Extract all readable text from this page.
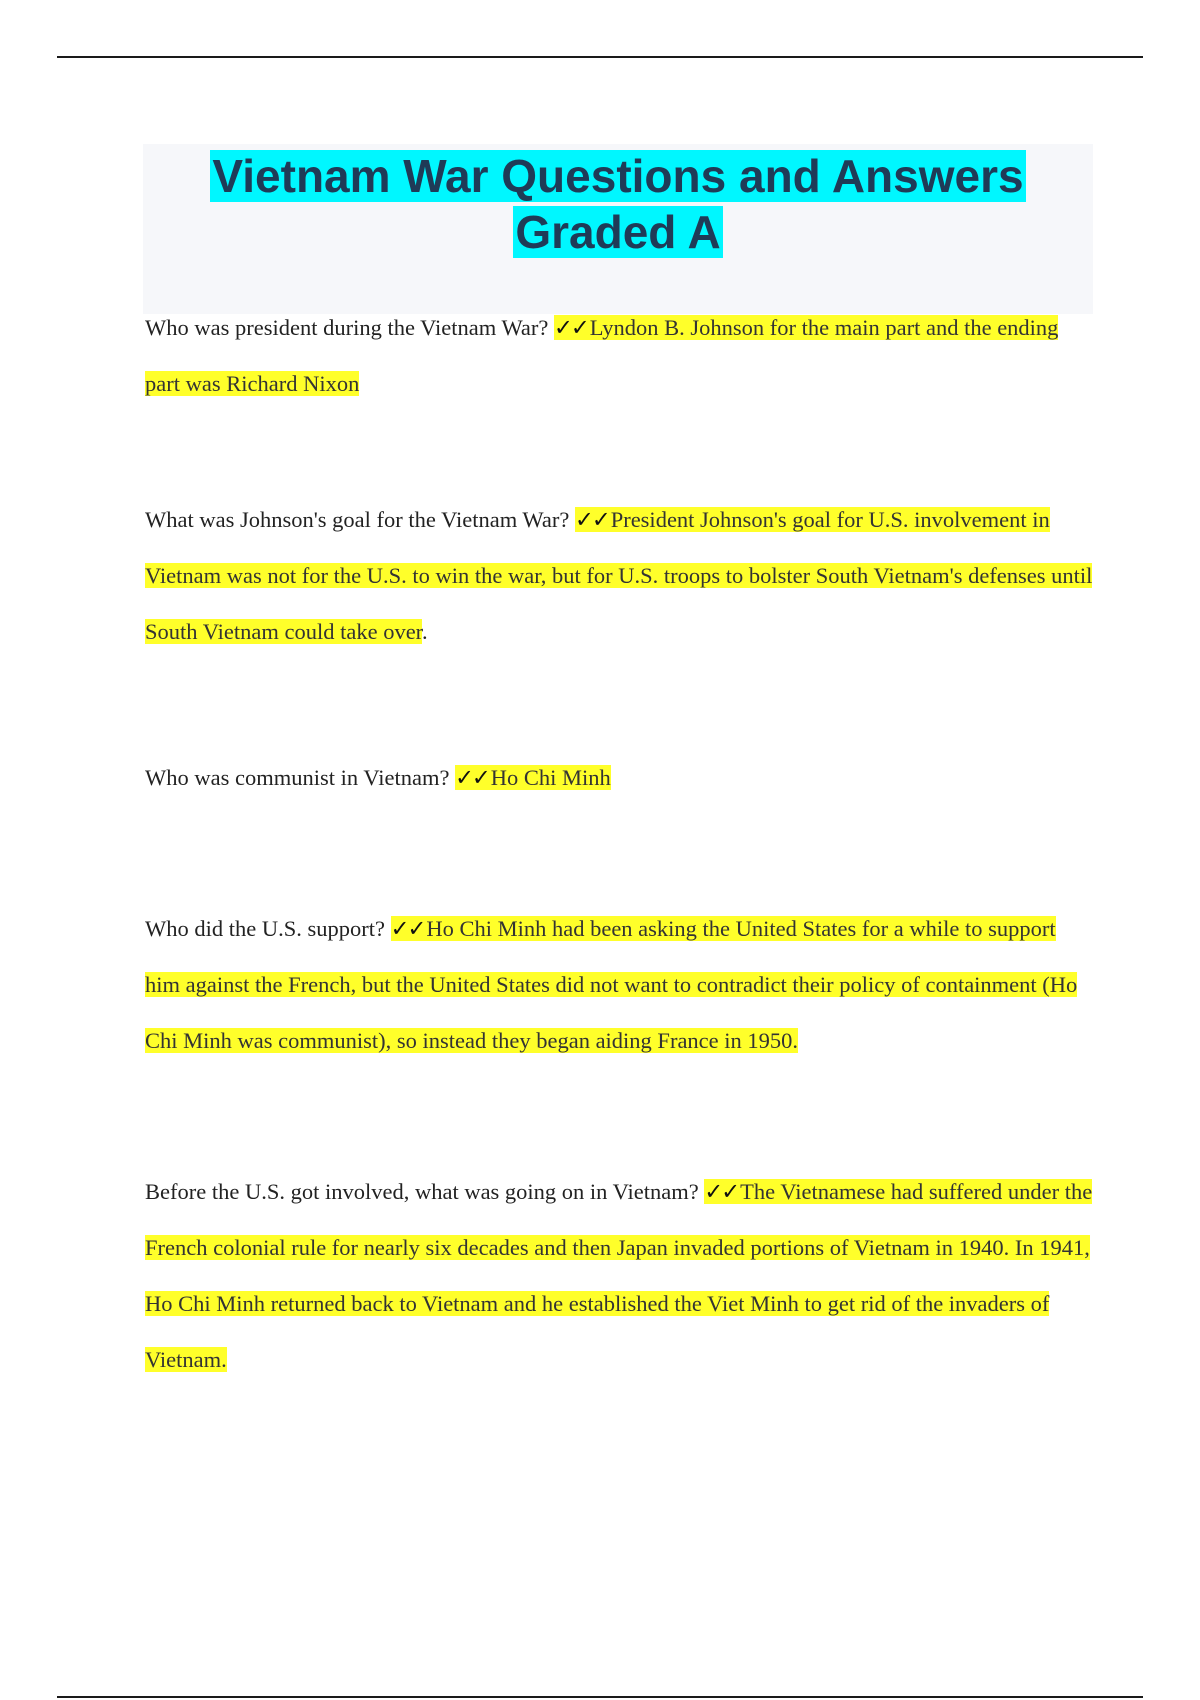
Vietnam War Questions and Answers
Graded A

Who was president during the Vietnam War? ✓✓Lyndon B. Johnson for the main part and the ending part was Richard Nixon

What was Johnson's goal for the Vietnam War? ✓✓President Johnson's goal for U.S. involvement in Vietnam was not for the U.S. to win the war, but for U.S. troops to bolster South Vietnam's defenses until South Vietnam could take over.

Who was communist in Vietnam? ✓✓Ho Chi Minh

Who did the U.S. support? ✓✓Ho Chi Minh had been asking the United States for a while to support him against the French, but the United States did not want to contradict their policy of containment (Ho Chi Minh was communist), so instead they began aiding France in 1950.

Before the U.S. got involved, what was going on in Vietnam? ✓✓The Vietnamese had suffered under the French colonial rule for nearly six decades and then Japan invaded portions of Vietnam in 1940. In 1941, Ho Chi Minh returned back to Vietnam and he established the Viet Minh to get rid of the invaders of Vietnam.
